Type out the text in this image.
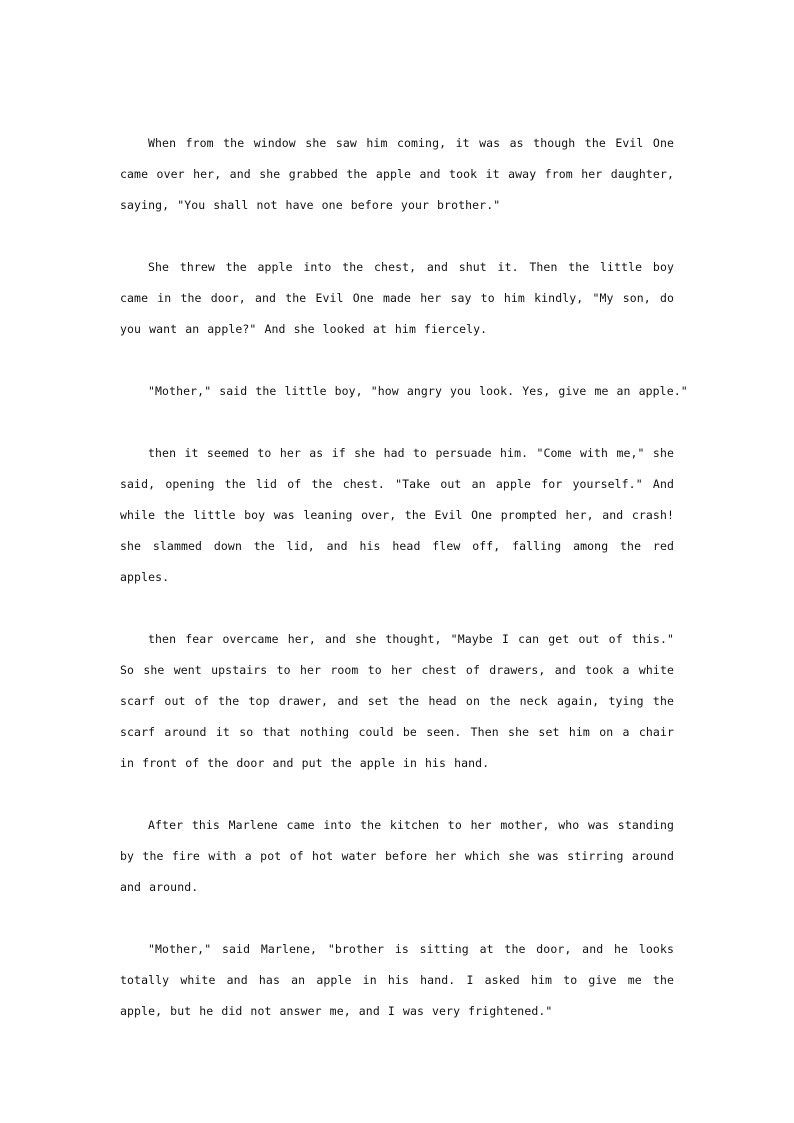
When from the window she saw him coming, it was as though the Evil One came over her, and she grabbed the apple and took it away from her daughter, saying, "You shall not have one before your brother."

She threw the apple into the chest, and shut it. Then the little boy came in the door, and the Evil One made her say to him kindly, "My son, do you want an apple?" And she looked at him fiercely.

"Mother," said the little boy, "how angry you look. Yes, give me an apple."

then it seemed to her as if she had to persuade him. "Come with me," she said, opening the lid of the chest. "Take out an apple for yourself." And while the little boy was leaning over, the Evil One prompted her, and crash! she slammed down the lid, and his head flew off, falling among the red apples.

then fear overcame her, and she thought, "Maybe I can get out of this." So she went upstairs to her room to her chest of drawers, and took a white scarf out of the top drawer, and set the head on the neck again, tying the scarf around it so that nothing could be seen. Then she set him on a chair in front of the door and put the apple in his hand.

After this Marlene came into the kitchen to her mother, who was standing by the fire with a pot of hot water before her which she was stirring around and around.

"Mother," said Marlene, "brother is sitting at the door, and he looks totally white and has an apple in his hand. I asked him to give me the apple, but he did not answer me, and I was very frightened."
